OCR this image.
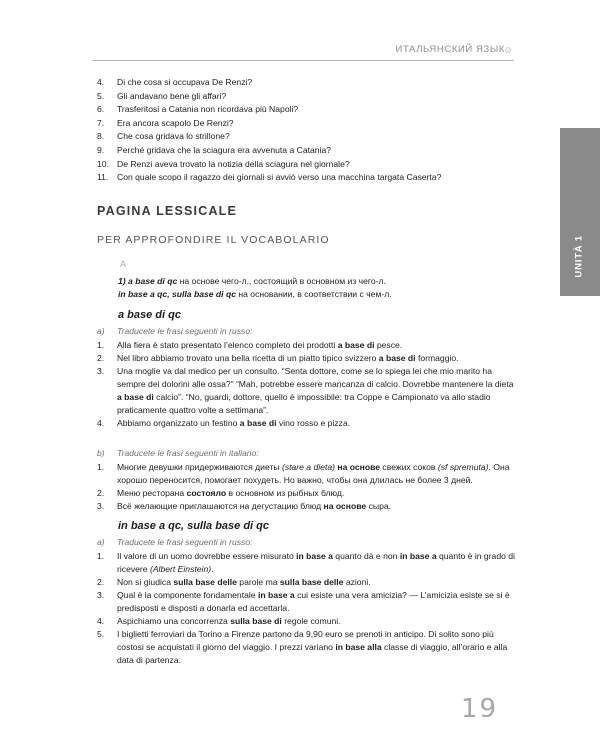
ИТАЛЬЯНСКИЙ ЯЗЫК ⊘
UNITÀ 1
4.	Di che cosa si occupava De Renzi?
5.	Gli andavano bene gli affari?
6.	Trasferitosi a Catania non ricordava più Napoli?
7.	Era ancora scapolo De Renzi?
8.	Che cosa gridava lo strillone?
9.	Perché gridava che la sciagura era avvenuta a Catania?
10. De Renzi aveva trovato la notizia della sciagura nel giornale?
11.	Con quale scopo il ragazzo dei giornali si avviò verso una macchina targata Caserta?
PAGINA LESSICALE
PER APPROFONDIRE IL VOCABOLARIO
A
1) a base di qc на основе чего-л., состоящий в основном из чего-л.
in base a qc, sulla base di qc на основании, в соответствии с чем-л.
a base di qc
a)	Traducete le frasi seguenti in russo:
1.	Alla fiera è stato presentato l’elenco completo dei prodotti a base di pesce.
2.	Nel libro abbiamo trovato una bella ricetta di un piatto tipico svizzero a base di formaggio.
3.	Una moglie va dal medico per un consulto. “Senta dottore, come se lo spiega lei che mio marito ha sempre dei dolorini alle ossa?” “Mah, potrebbe essere mancanza di calcio. Dovrebbe mantenere la dieta a base di calcio”. “No, guardi, dottore, quello è impossibile: tra Coppe e Campionato va allo stadio praticamente quattro volte a settimana”.
4.	Abbiamo organizzato un festino a base di vino rosso e pizza.
b)	Traducete le frasi seguenti in italiano:
1.	Многие девушки придерживаются диеты (stare a dieta) на основе свежих соков (sf spremuta). Она хорошо переносится, помогает похудеть. Но важно, чтобы она длилась не более 3 дней.
2.	Меню ресторана состояло в основном из рыбных блюд.
3.	Всё желающие приглашаются на дегустацию блюд на основе сыра.
in base a qc, sulla base di qc
a)	Traducete le frasi seguenti in russo:
1.	Il valore di un uomo dovrebbe essere misurato in base a quanto dà e non in base a quanto è in grado di ricevere (Albert Einstein).
2.	Non si giudica sulla base delle parole ma sulla base delle azioni.
3.	Qual è la componente fondamentale in base a cui esiste una vera amicizia? — L’amicizia esiste se si è predisposti e disposti a donarla ed accettarla.
4.	Aspichiamo una concorrenza sulla base di regole comuni.
5.	I biglietti ferroviari da Torino a Firenze partono da 9,90 euro se prenoti in anticipo. Di solito sono più costosi se acquistati il giorno del viaggio. I prezzi variano in base alla classe di viaggio, all’orario e alla data di partenza.
19
